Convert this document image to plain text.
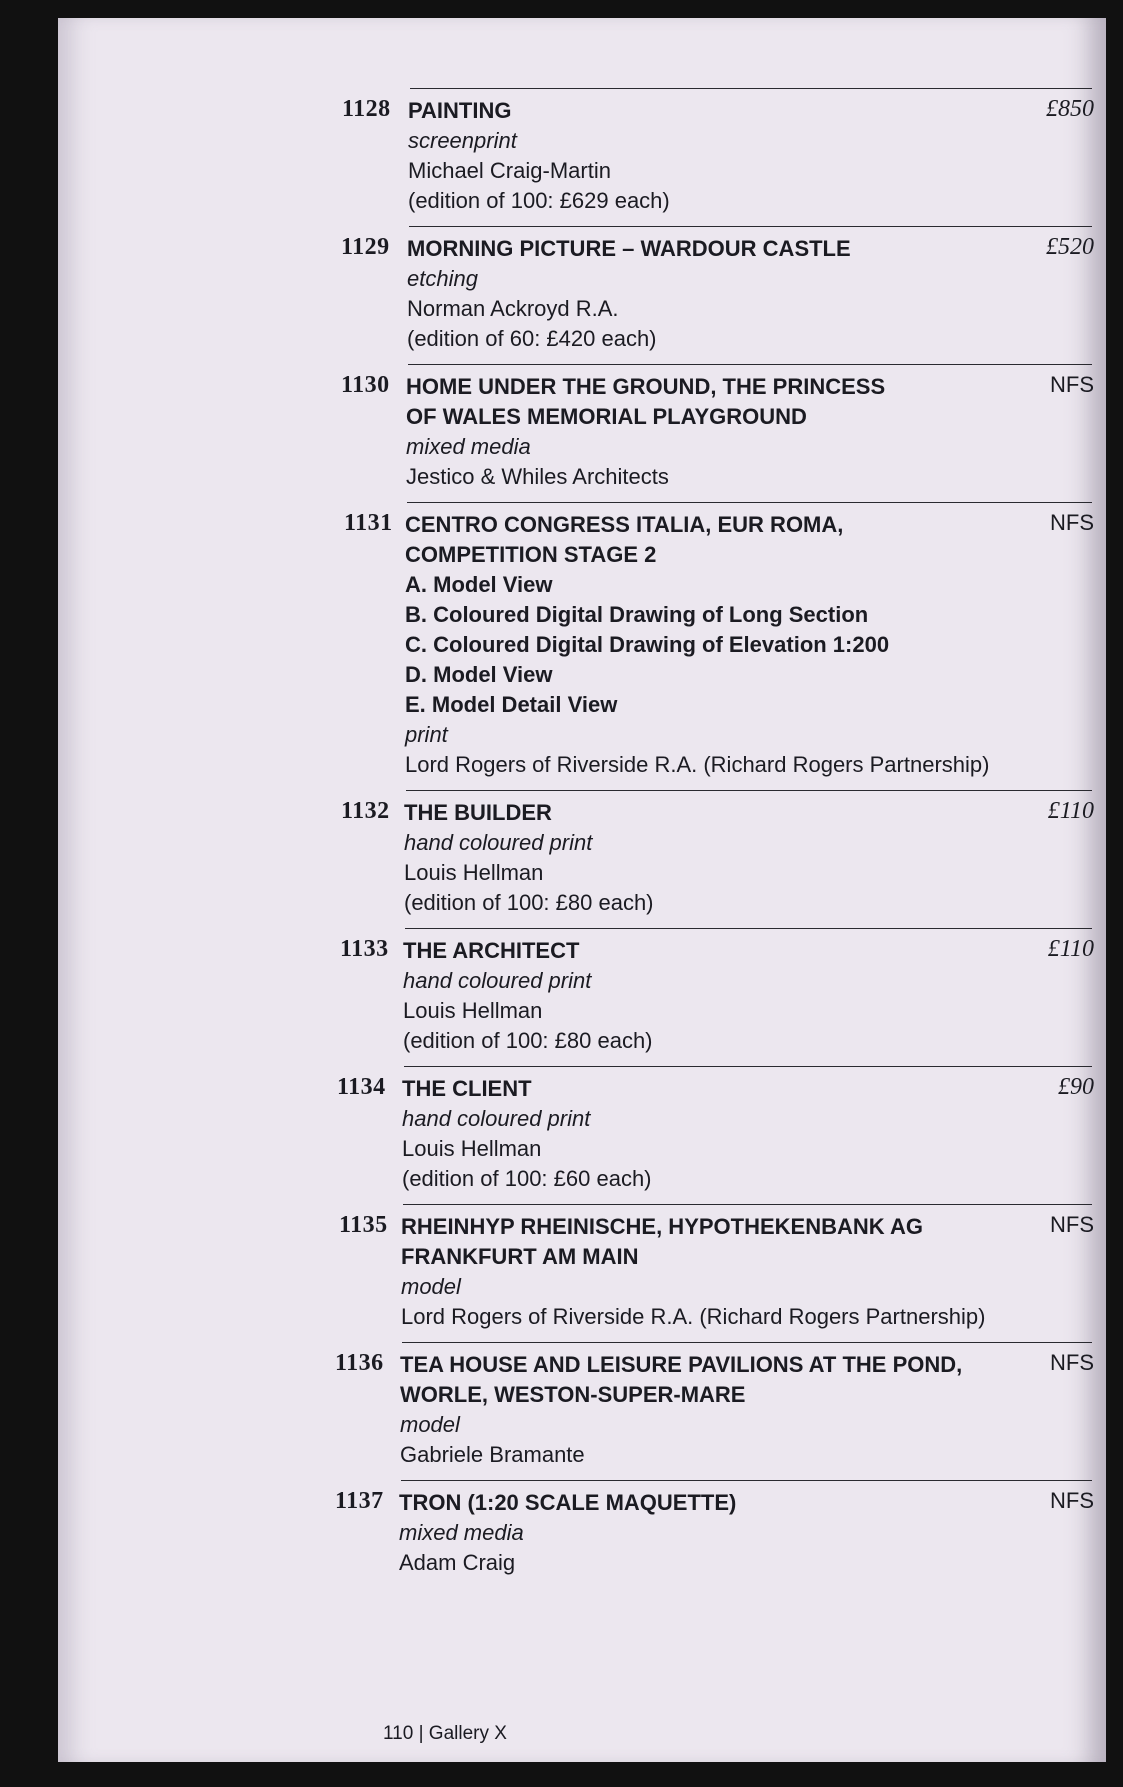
1128	£850
PAINTING
screenprint
Michael Craig-Martin
(edition of 100: £629 each)
1129	£520
MORNING PICTURE – WARDOUR CASTLE
etching
Norman Ackroyd R.A.
(edition of 60: £420 each)
1130	NFS
HOME UNDER THE GROUND, THE PRINCESS
OF WALES MEMORIAL PLAYGROUND
mixed media
Jestico & Whiles Architects
1131	NFS
CENTRO CONGRESS ITALIA, EUR ROMA,
COMPETITION STAGE 2
A. Model View
B. Coloured Digital Drawing of Long Section
C. Coloured Digital Drawing of Elevation 1:200
D. Model View
E. Model Detail View
print
Lord Rogers of Riverside R.A. (Richard Rogers Partnership)
1132	£110
THE BUILDER
hand coloured print
Louis Hellman
(edition of 100: £80 each)
1133	£110
THE ARCHITECT
hand coloured print
Louis Hellman
(edition of 100: £80 each)
1134	£90
THE CLIENT
hand coloured print
Louis Hellman
(edition of 100: £60 each)
1135	NFS
RHEINHYP RHEINISCHE, HYPOTHEKENBANK AG
FRANKFURT AM MAIN
model
Lord Rogers of Riverside R.A. (Richard Rogers Partnership)
1136	NFS
TEA HOUSE AND LEISURE PAVILIONS AT THE POND,
WORLE, WESTON-SUPER-MARE
model
Gabriele Bramante
1137	NFS
TRON (1:20 SCALE MAQUETTE)
mixed media
Adam Craig
110 | Gallery X
